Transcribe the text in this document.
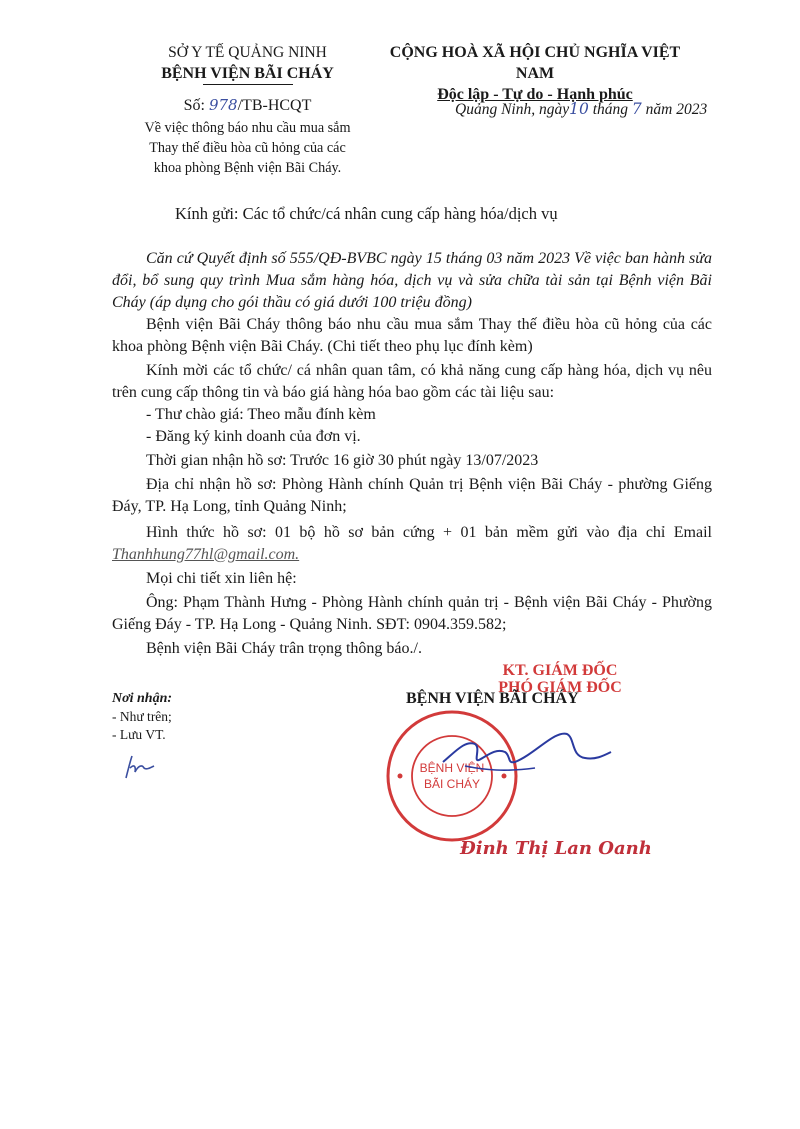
SỞ Y TẾ QUẢNG NINH
BỆNH VIỆN BÃI CHÁY
Số: 978/TB-HCQT
Về việc thông báo nhu cầu mua sắm
Thay thế điều hòa cũ hỏng của các
khoa phòng Bệnh viện Bãi Cháy.
CỘNG HOÀ XÃ HỘI CHỦ NGHĨA VIỆT NAM
Độc lập - Tự do - Hạnh phúc
Quảng Ninh, ngày10 tháng 7 năm 2023
Kính gửi: Các tổ chức/cá nhân cung cấp hàng hóa/dịch vụ

Căn cứ Quyết định số 555/QĐ-BVBC ngày 15 tháng 03 năm 2023 Về việc ban hành sửa đổi, bổ sung quy trình Mua sắm hàng hóa, dịch vụ và sửa chữa tài sản tại Bệnh viện Bãi Cháy (áp dụng cho gói thầu có giá dưới 100 triệu đồng)

Bệnh viện Bãi Cháy thông báo nhu cầu mua sắm Thay thế điều hòa cũ hỏng của các khoa phòng Bệnh viện Bãi Cháy. (Chi tiết theo phụ lục đính kèm)

Kính mời các tổ chức/ cá nhân quan tâm, có khả năng cung cấp hàng hóa, dịch vụ nêu trên cung cấp thông tin và báo giá hàng hóa bao gồm các tài liệu sau:

- Thư chào giá: Theo mẫu đính kèm

- Đăng ký kinh doanh của đơn vị.

Thời gian nhận hồ sơ: Trước 16 giờ 30 phút ngày 13/07/2023

Địa chỉ nhận hồ sơ: Phòng Hành chính Quản trị Bệnh viện Bãi Cháy - phường Giếng Đáy, TP. Hạ Long, tỉnh Quảng Ninh;

Hình thức hồ sơ: 01 bộ hồ sơ bản cứng + 01 bản mềm gửi vào địa chỉ Email Thanhhung77hl@gmail.com.

Mọi chi tiết xin liên hệ:

Ông: Phạm Thành Hưng - Phòng Hành chính quản trị - Bệnh viện Bãi Cháy - Phường Giếng Đáy - TP. Hạ Long - Quảng Ninh. SĐT: 0904.359.582;

Bệnh viện Bãi Cháy trân trọng thông báo./.

Nơi nhận:
- Như trên;
- Lưu VT.
KT. GIÁM ĐỐC
PHÓ GIÁM ĐỐC
BỆNH VIỆN BÃI CHÁY
BỆNH VIỆN
BÃI CHÁY
Đinh Thị Lan Oanh
